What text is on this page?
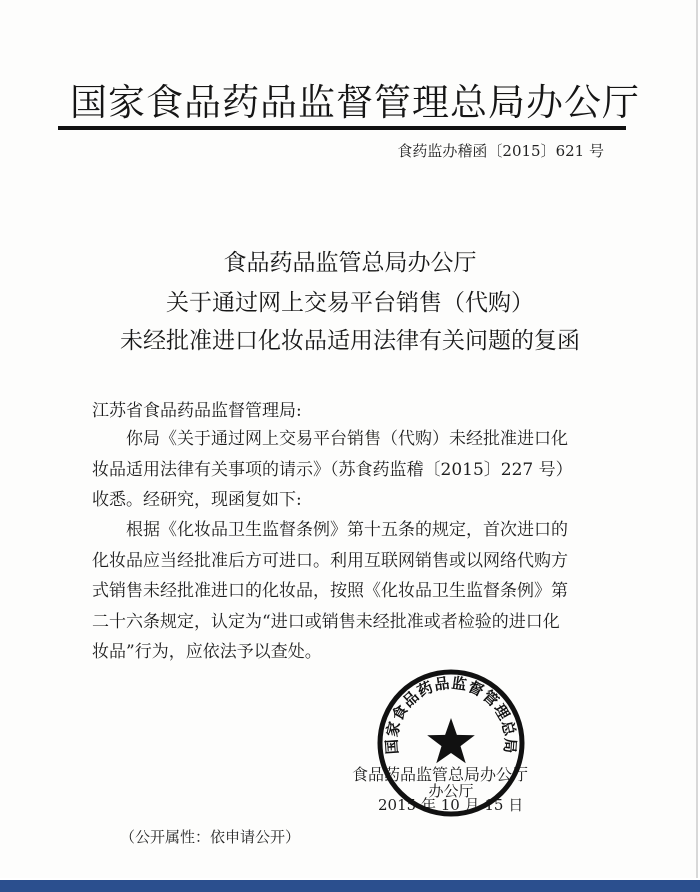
国家食品药品监督管理总局办公厅
食药监办稽函〔2015〕621 号
食品药品监管总局办公厅
关于通过网上交易平台销售（代购）
未经批准进口化妆品适用法律有关问题的复函
江苏省食品药品监督管理局:
你局《关于通过网上交易平台销售（代购）未经批准进口化
妆品适用法律有关事项的请示》（苏食药监稽〔2015〕227 号）
收悉。经研究，现函复如下:
根据《化妆品卫生监督条例》第十五条的规定，首次进口的
化妆品应当经批准后方可进口。利用互联网销售或以网络代购方
式销售未经批准进口的化妆品，按照《化妆品卫生监督条例》第
二十六条规定，认定为“进口或销售未经批准或者检验的进口化
妆品”行为，应依法予以查处。
食品药品监管总局办公厅
2015 年 10 月 15 日
国家食品药品监督管理总局
办公厅
（公开属性：依申请公开）
